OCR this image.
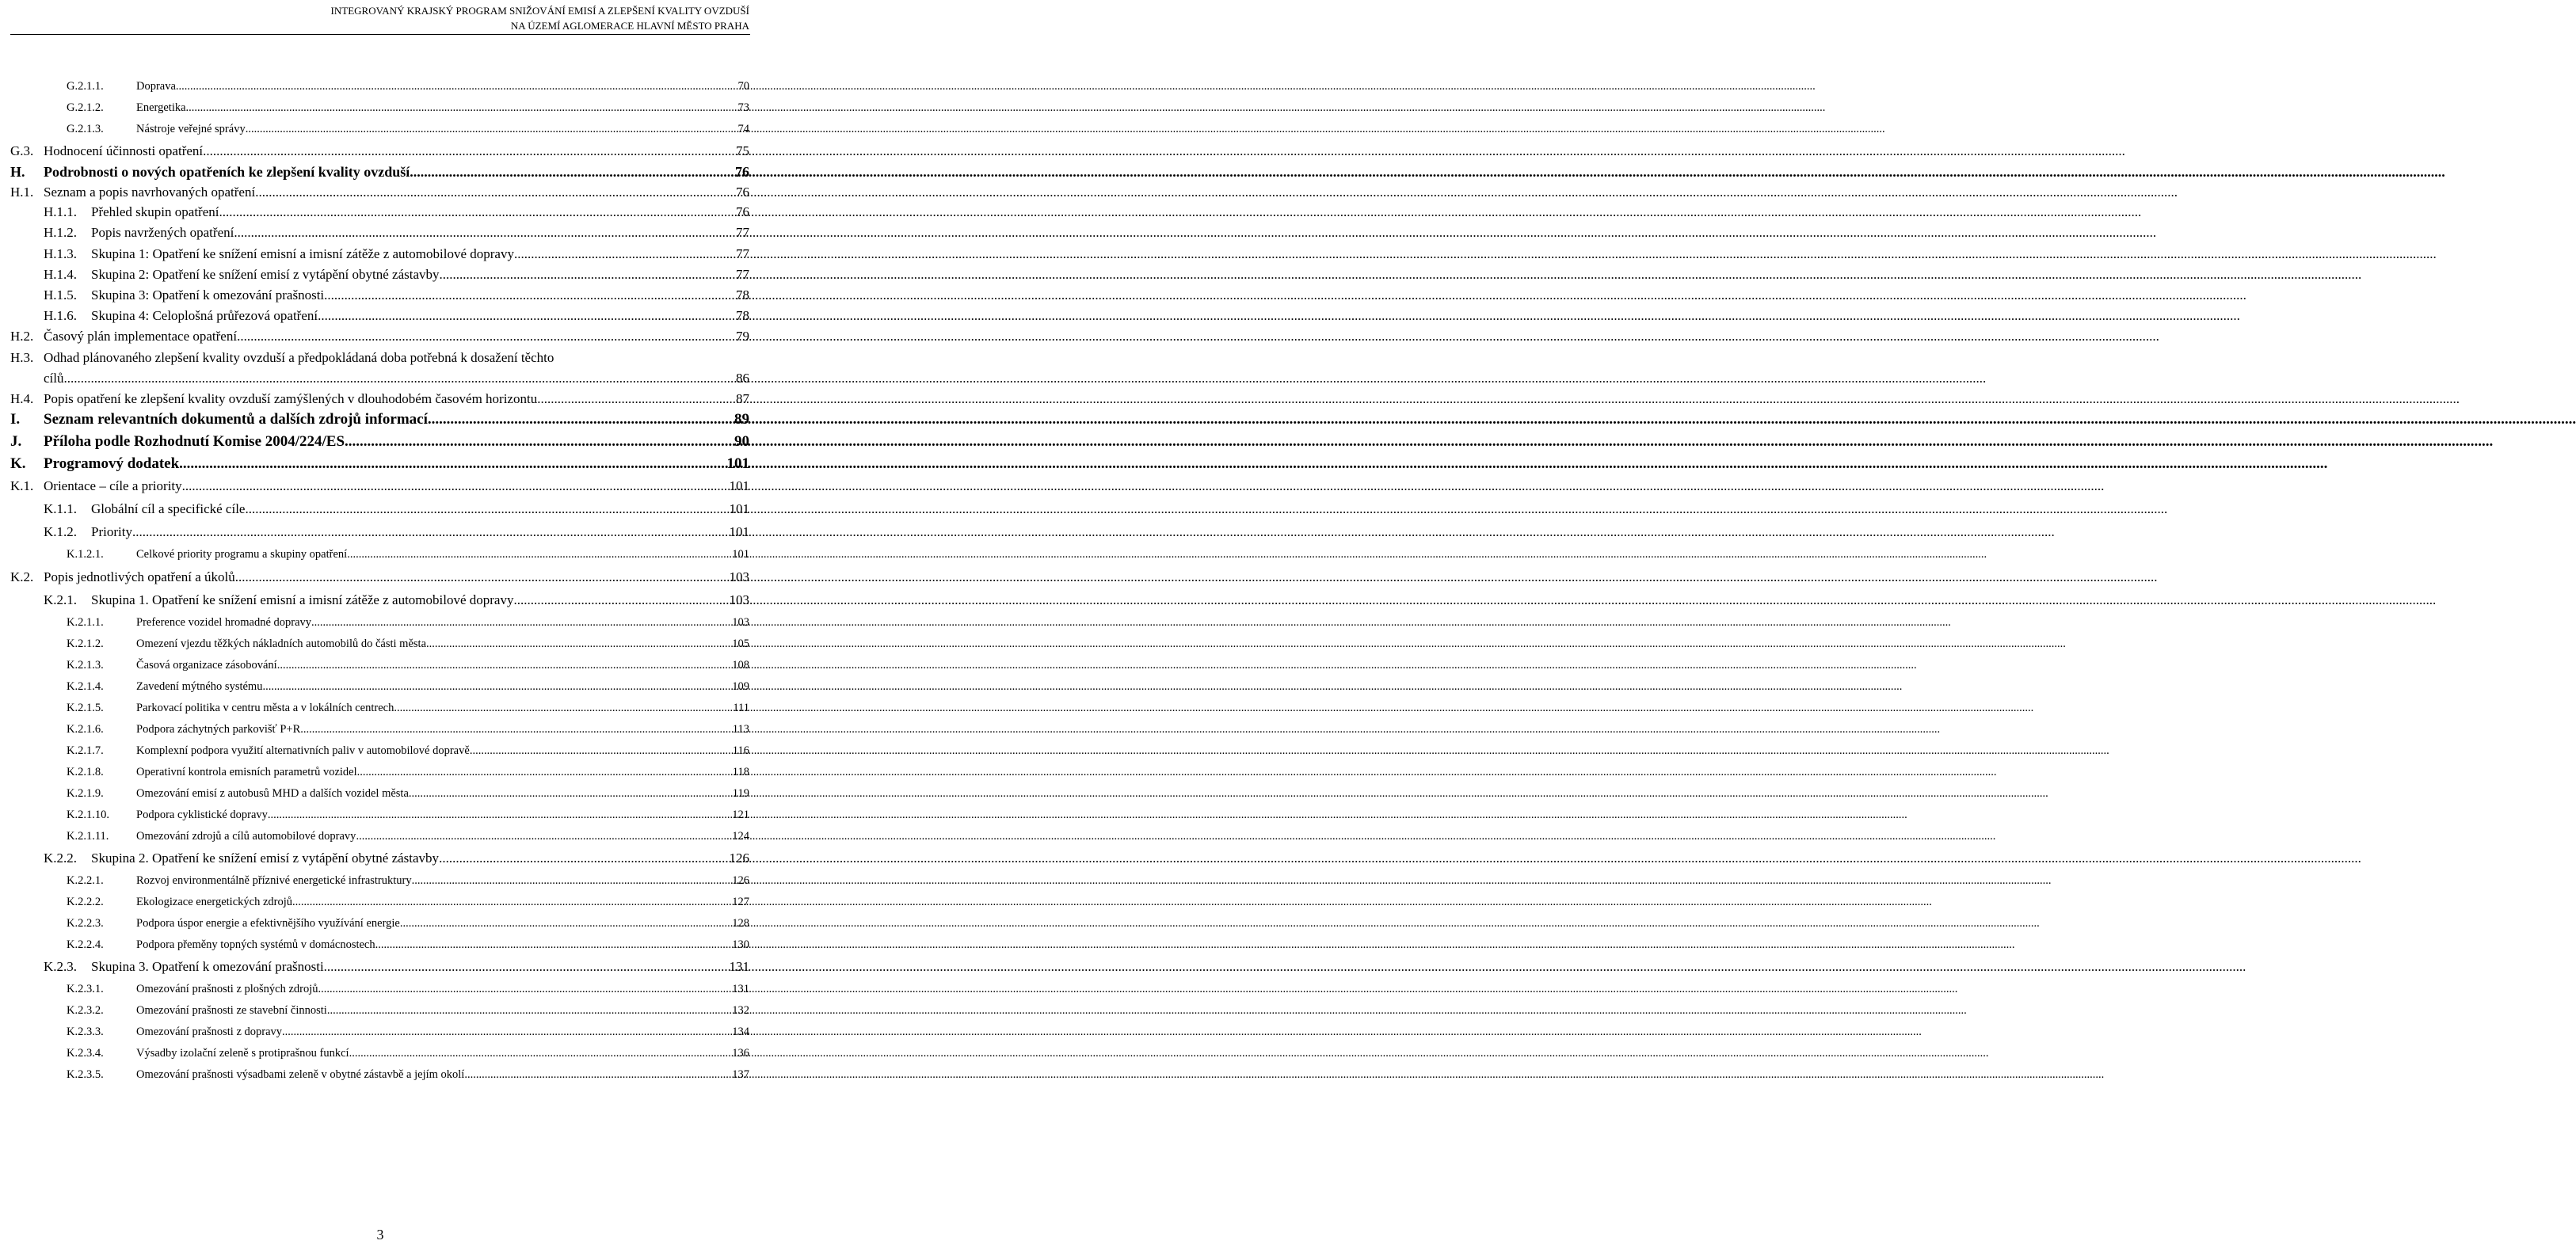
INTEGROVANÝ KRAJSKÝ PROGRAM SNIŽOVÁNÍ EMISÍ A ZLEPŠENÍ KVALITY OVZDUŠÍ
NA ÚZEMÍ AGLOMERACE HLAVNÍ MĚSTO PRAHA
G.2.1.1.	Doprava .....	70
G.2.1.2.	Energetika .....	73
G.2.1.3.	Nástroje veřejné správy .....	74
G.3. Hodnocení účinnosti opatření .....	75
H.	Podrobnosti o nových opatřeních ke zlepšení kvality ovzduší .....	76
H.1. Seznam a popis navrhovaných opatření .....	76
H.1.1.	Přehled skupin opatření .....	76
H.1.2.	Popis navržených opatření .....	77
H.1.3.	Skupina 1: Opatření ke snížení emisní a imisní zátěže z automobilové dopravy .....	77
H.1.4.	Skupina 2: Opatření ke snížení emisí z vytápění obytné zástavby .....	77
H.1.5.	Skupina 3: Opatření k omezování prašnosti .....	78
H.1.6.	Skupina 4: Celoplošná průřezová opatření .....	78
H.2. Časový plán implementace opatření .....	79
H.3. Odhad plánovaného zlepšení kvality ovzduší a předpokládaná doba potřebná k dosažení těchto
cílů .....	86
H.4. Popis opatření ke zlepšení kvality ovzduší zamýšlených v dlouhodobém časovém horizontu .....	87
I.	Seznam relevantních dokumentů a dalších zdrojů informací .....	89
J.	Příloha podle Rozhodnutí Komise 2004/224/ES .....	90
K.	Programový dodatek .....	101
K.1. Orientace – cíle a priority .....	101
K.1.1.	Globální cíl a specifické cíle .....	101
K.1.2.	Priority .....	101
K.1.2.1.	Celkové priority programu a skupiny opatření .....	101
K.2. Popis jednotlivých opatření a úkolů .....	103
K.2.1.	Skupina 1. Opatření ke snížení emisní a imisní zátěže z automobilové dopravy .....	103
K.2.1.1.	Preference vozidel hromadné dopravy .....	103
K.2.1.2.	Omezení vjezdu těžkých nákladních automobilů do části města .....	105
K.2.1.3.	Časová organizace zásobování .....	108
K.2.1.4.	Zavedení mýtného systému .....	109
K.2.1.5.	Parkovací politika v centru města a v lokálních centrech .....	111
K.2.1.6.	Podpora záchytných parkovišť P+R .....	113
K.2.1.7.	Komplexní podpora využití alternativních paliv v automobilové dopravě .....	116
K.2.1.8.	Operativní kontrola emisních parametrů vozidel .....	118
K.2.1.9.	Omezování emisí z autobusů MHD a dalších vozidel města .....	119
K.2.1.10.	Podpora cyklistické dopravy .....	121
K.2.1.11.	Omezování zdrojů a cílů automobilové dopravy .....	124
K.2.2.	Skupina 2. Opatření ke snížení emisí z vytápění obytné zástavby .....	126
K.2.2.1.	Rozvoj environmentálně příznivé energetické infrastruktury .....	126
K.2.2.2.	Ekologizace energetických zdrojů .....	127
K.2.2.3.	Podpora úspor energie a efektivnějšího využívání energie .....	128
K.2.2.4.	Podpora přeměny topných systémů v domácnostech .....	130
K.2.3.	Skupina 3. Opatření k omezování prašnosti .....	131
K.2.3.1.	Omezování prašnosti z plošných zdrojů .....	131
K.2.3.2.	Omezování prašnosti ze stavební činnosti .....	132
K.2.3.3.	Omezování prašnosti z dopravy .....	134
K.2.3.4.	Výsadby izolační zeleně s protiprašnou funkcí .....	136
K.2.3.5.	Omezování prašnosti výsadbami zeleně v obytné zástavbě a jejím okolí .....	137
3
